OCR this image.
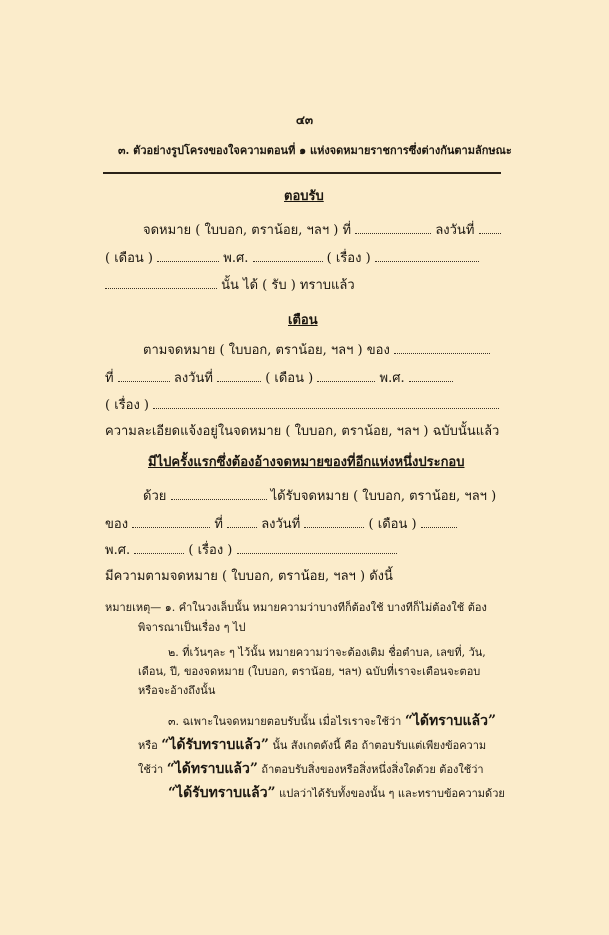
๔๓
๓. ตัวอย่างรูปโครงของใจความตอนที่ ๑ แห่งจดหมายราชการซึ่งต่างกันตามลักษณะ
ตอบรับ
จดหมาย ( ใบบอก, ตราน้อย, ฯลฯ ) ที่	ลงวันที่
( เดือน )	พ.ศ.	( เรื่อง )
นั้น ได้ ( รับ ) ทราบแล้ว
เตือน
ตามจดหมาย ( ใบบอก, ตราน้อย, ฯลฯ ) ของ
ที่	ลงวันที่	( เดือน )	พ.ศ.
( เรื่อง )
ความละเอียดแจ้งอยู่ในจดหมาย ( ใบบอก, ตราน้อย, ฯลฯ ) ฉบับนั้นแล้ว
มีไปครั้งแรกซึ่งต้องอ้างจดหมายของที่อีกแห่งหนึ่งประกอบ
ด้วย	ได้รับจดหมาย ( ใบบอก, ตราน้อย, ฯลฯ )
ของ	ที่	ลงวันที่	( เดือน )
พ.ศ.	( เรื่อง )
มีความตามจดหมาย ( ใบบอก, ตราน้อย, ฯลฯ ) ดังนี้
หมายเหตุ— ๑. คำในวงเล็บนั้น หมายความว่าบางทีก็ต้องใช้ บางทีก็ไม่ต้องใช้ ต้อง
พิจารณาเป็นเรื่อง ๆ ไป
๒. ที่เว้นๆละ ๆ ไว้นั้น หมายความว่าจะต้องเติม ชื่อตำบล, เลขที่, วัน,
เดือน, ปี, ของจดหมาย (ใบบอก, ตราน้อย, ฯลฯ) ฉบับที่เราจะเตือนจะตอบ
หรือจะอ้างถึงนั้น
๓. ฉเพาะในจดหมายตอบรับนั้น เมื่อไรเราจะใช้ว่า “ได้ทราบแล้ว”
หรือ “ได้รับทราบแล้ว” นั้น สังเกตดังนี้ คือ ถ้าตอบรับแต่เพียงข้อความ
ใช้ว่า “ได้ทราบแล้ว” ถ้าตอบรับสิ่งของหรือสิ่งหนึ่งสิ่งใดด้วย ต้องใช้ว่า
“ได้รับทราบแล้ว” แปลว่าได้รับทั้งของนั้น ๆ และทราบข้อความด้วย
